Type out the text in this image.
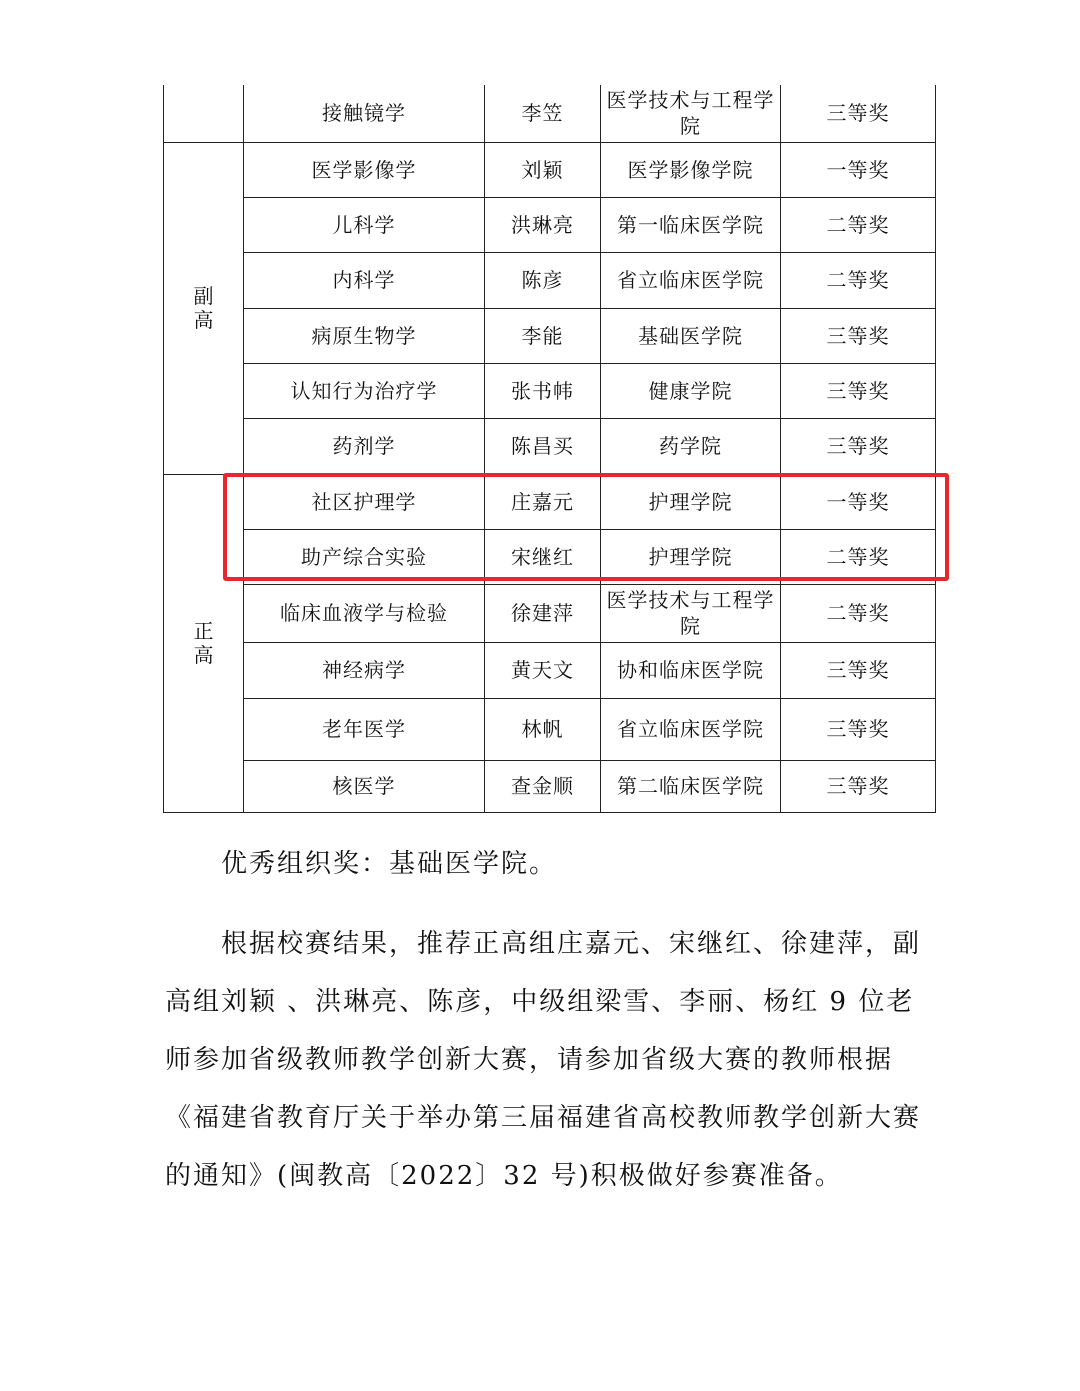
	接触镜学	李笠	医学技术与工程学院	三等奖
副高	医学影像学	刘颖	医学影像学院	一等奖
	儿科学	洪琳亮	第一临床医学院	二等奖
	内科学	陈彦	省立临床医学院	二等奖
	病原生物学	李能	基础医学院	三等奖
	认知行为治疗学	张书帏	健康学院	三等奖
	药剂学	陈昌买	药学院	三等奖
正高	社区护理学	庄嘉元	护理学院	一等奖
	助产综合实验	宋继红	护理学院	二等奖
	临床血液学与检验	徐建萍	医学技术与工程学院	二等奖
	神经病学	黄天文	协和临床医学院	三等奖
	老年医学	林帆	省立临床医学院	三等奖
	核医学	查金顺	第二临床医学院	三等奖

优秀组织奖：基础医学院。

根据校赛结果，推荐正高组庄嘉元、宋继红、徐建萍，副高组刘颖 、洪琳亮、陈彦，中级组梁雪、李丽、杨红 9 位老师参加省级教师教学创新大赛，请参加省级大赛的教师根据《福建省教育厅关于举办第三届福建省高校教师教学创新大赛的通知》(闽教高〔2022〕32 号)积极做好参赛准备。
